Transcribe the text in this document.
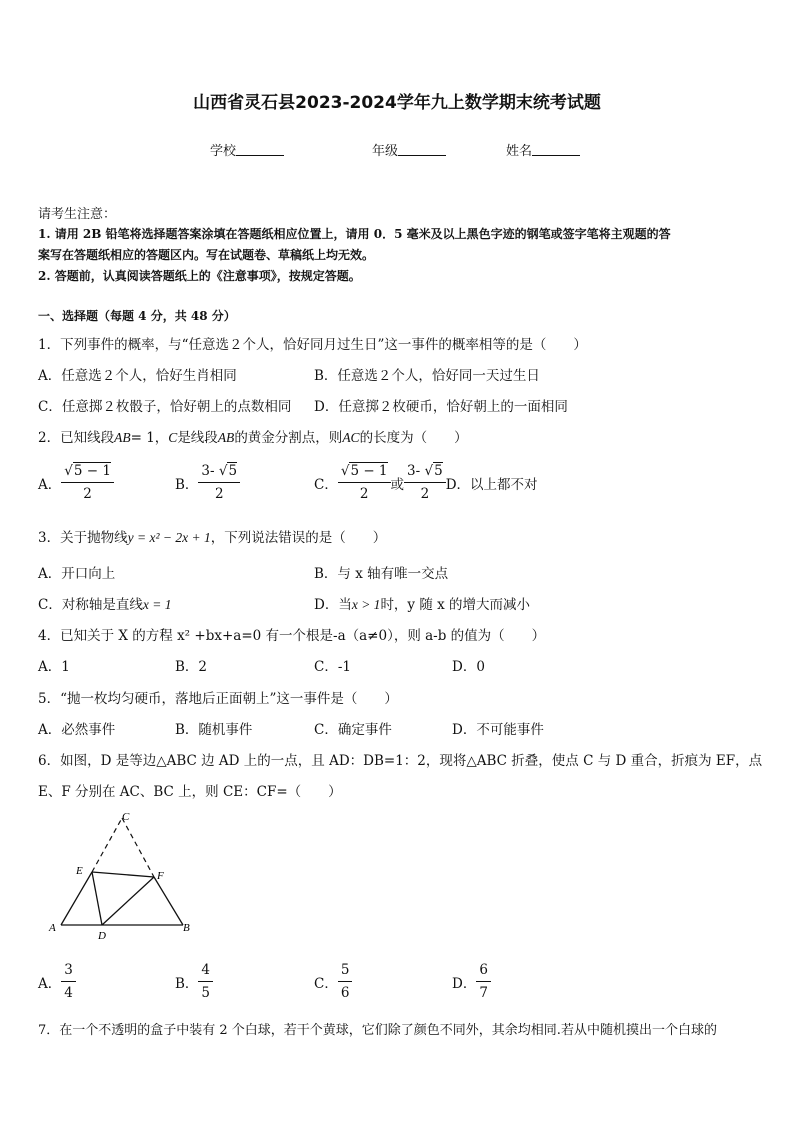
山西省灵石县2023-2024学年九上数学期末统考试题
学校	年级	姓名
请考生注意：
1. 请用 2B 铅笔将选择题答案涂填在答题纸相应位置上，请用 0．5 毫米及以上黑色字迹的钢笔或签字笔将主观题的答
案写在答题纸相应的答题区内。写在试题卷、草稿纸上均无效。
2. 答题前，认真阅读答题纸上的《注意事项》，按规定答题。
一、选择题（每题 4 分，共 48 分）
1．下列事件的概率，与“任意选２个人，恰好同月过生日”这一事件的概率相等的是（　　）
A．任意选２个人，恰好生肖相同	B．任意选２个人，恰好同一天过生日
C．任意掷２枚骰子，恰好朝上的点数相同 D．任意掷２枚硬币，恰好朝上的一面相同
2．已知线段AB= 1，C是线段AB的黄金分割点，则AC的长度为（　　）
A． $\frac{√5 - 1}{2}$	B． $\frac{3- √5}{2}$	C． $\frac{√5 - 1}{2}$ 或 $\frac{3- √5}{2}$ D．以上都不对
3．关于抛物线y = x² − 2x + 1，下列说法错误的是（　　）
A．开口向上	B．与 x 轴有唯一交点
C．对称轴是直线x = 1	D．当x > 1时，y 随 x 的增大而减小
4．已知关于 X 的方程 x² +bx+a=0 有一个根是-a（a≠0），则 a-b 的值为（　　）
A．1	B．2	C．-1	D．0
5．“抛一枚均匀硬币，落地后正面朝上”这一事件是（　　）
A．必然事件	B．随机事件	C．确定事件	D．不可能事件
6．如图，D 是等边△ABC 边 AD 上的一点，且 AD：DB=1：2，现将△ABC 折叠，使点 C 与 D 重合，折痕为 EF，点
E、F 分别在 AC、BC 上，则 CE：CF=（　　）
A	B
C
D
E	F
A． $\frac{3}{4}$	B． $\frac{4}{5}$	C． $\frac{5}{6}$	D． $\frac{6}{7}$
7．在一个不透明的盒子中装有 2 个白球，若干个黄球，它们除了颜色不同外，其余均相同.若从中随机摸出一个白球的
